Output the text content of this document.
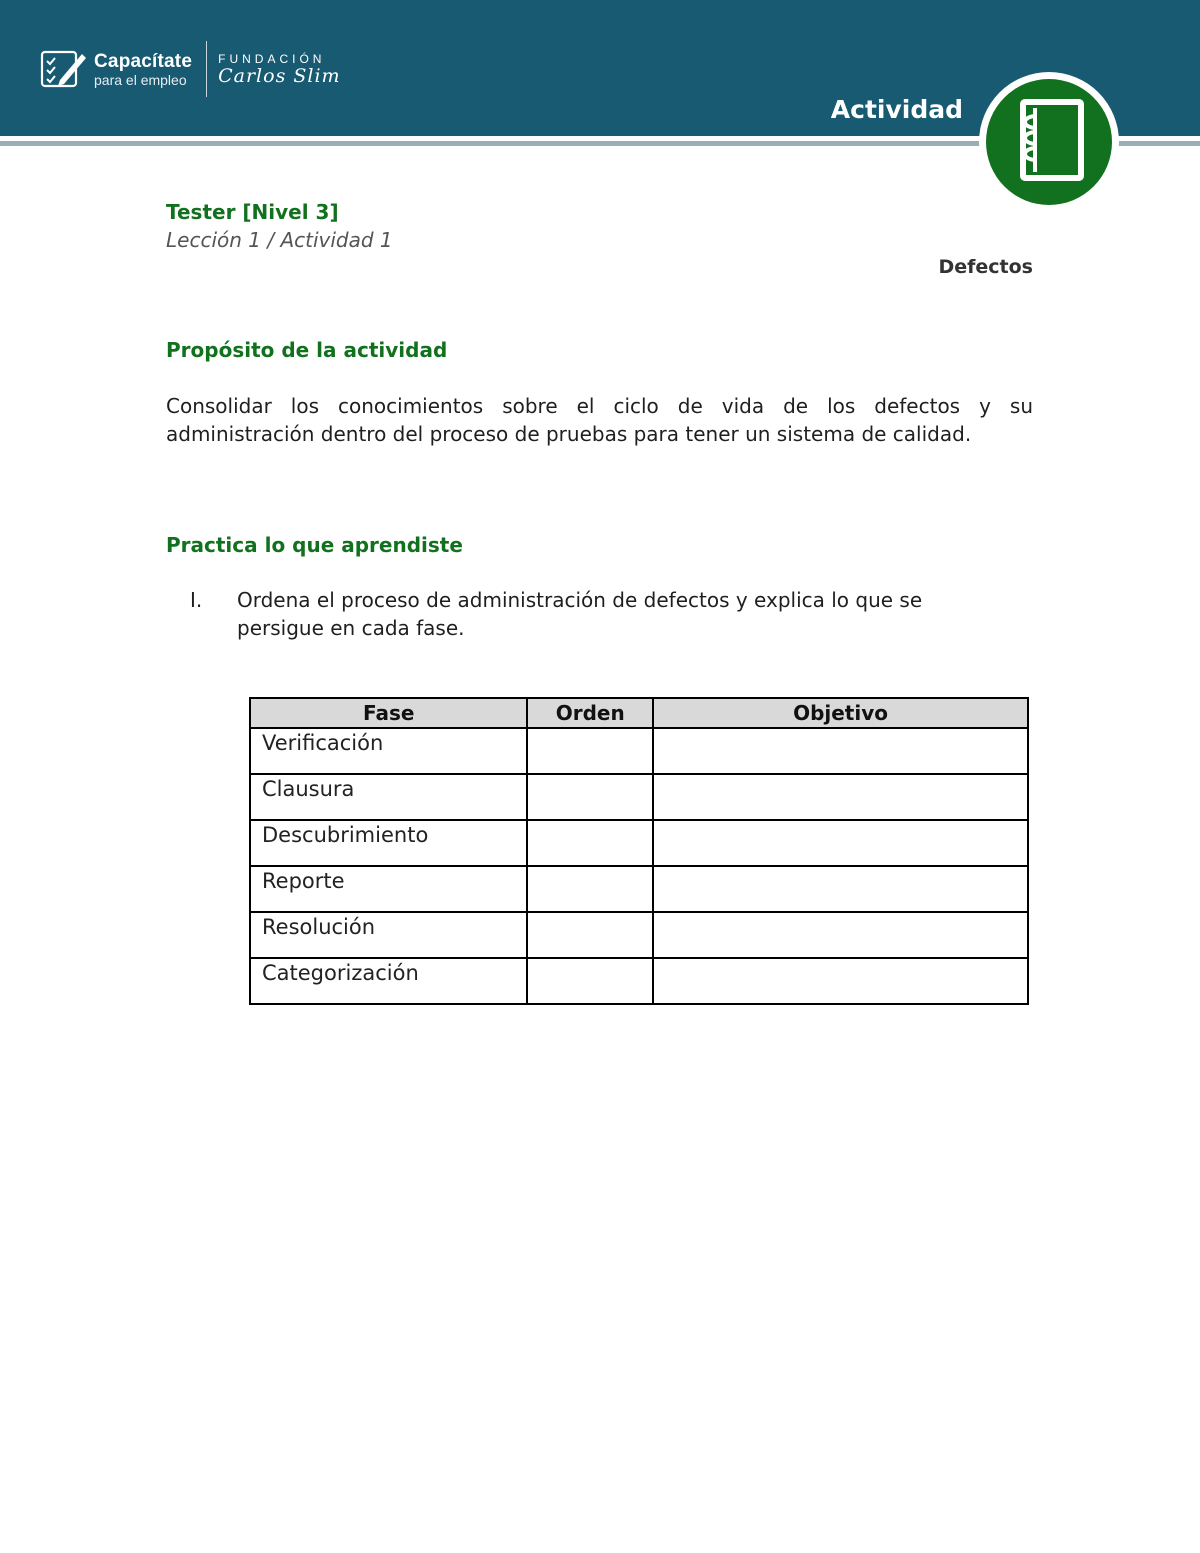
Capacítate
para el empleo
FUNDACIÓN
Carlos Slim
Actividad
Tester [Nivel 3]
Lección 1 / Actividad 1
Defectos
Propósito de la actividad
Consolidar los conocimientos sobre el ciclo de vida de los defectos y su administración dentro del proceso de pruebas para tener un sistema de calidad.
Practica lo que aprendiste
I.	Ordena el proceso de administración de defectos y explica lo que se persigue en cada fase.
Fase	Orden	Objetivo
Verificación		
Clausura		
Descubrimiento		
Reporte		
Resolución		
Categorización		
